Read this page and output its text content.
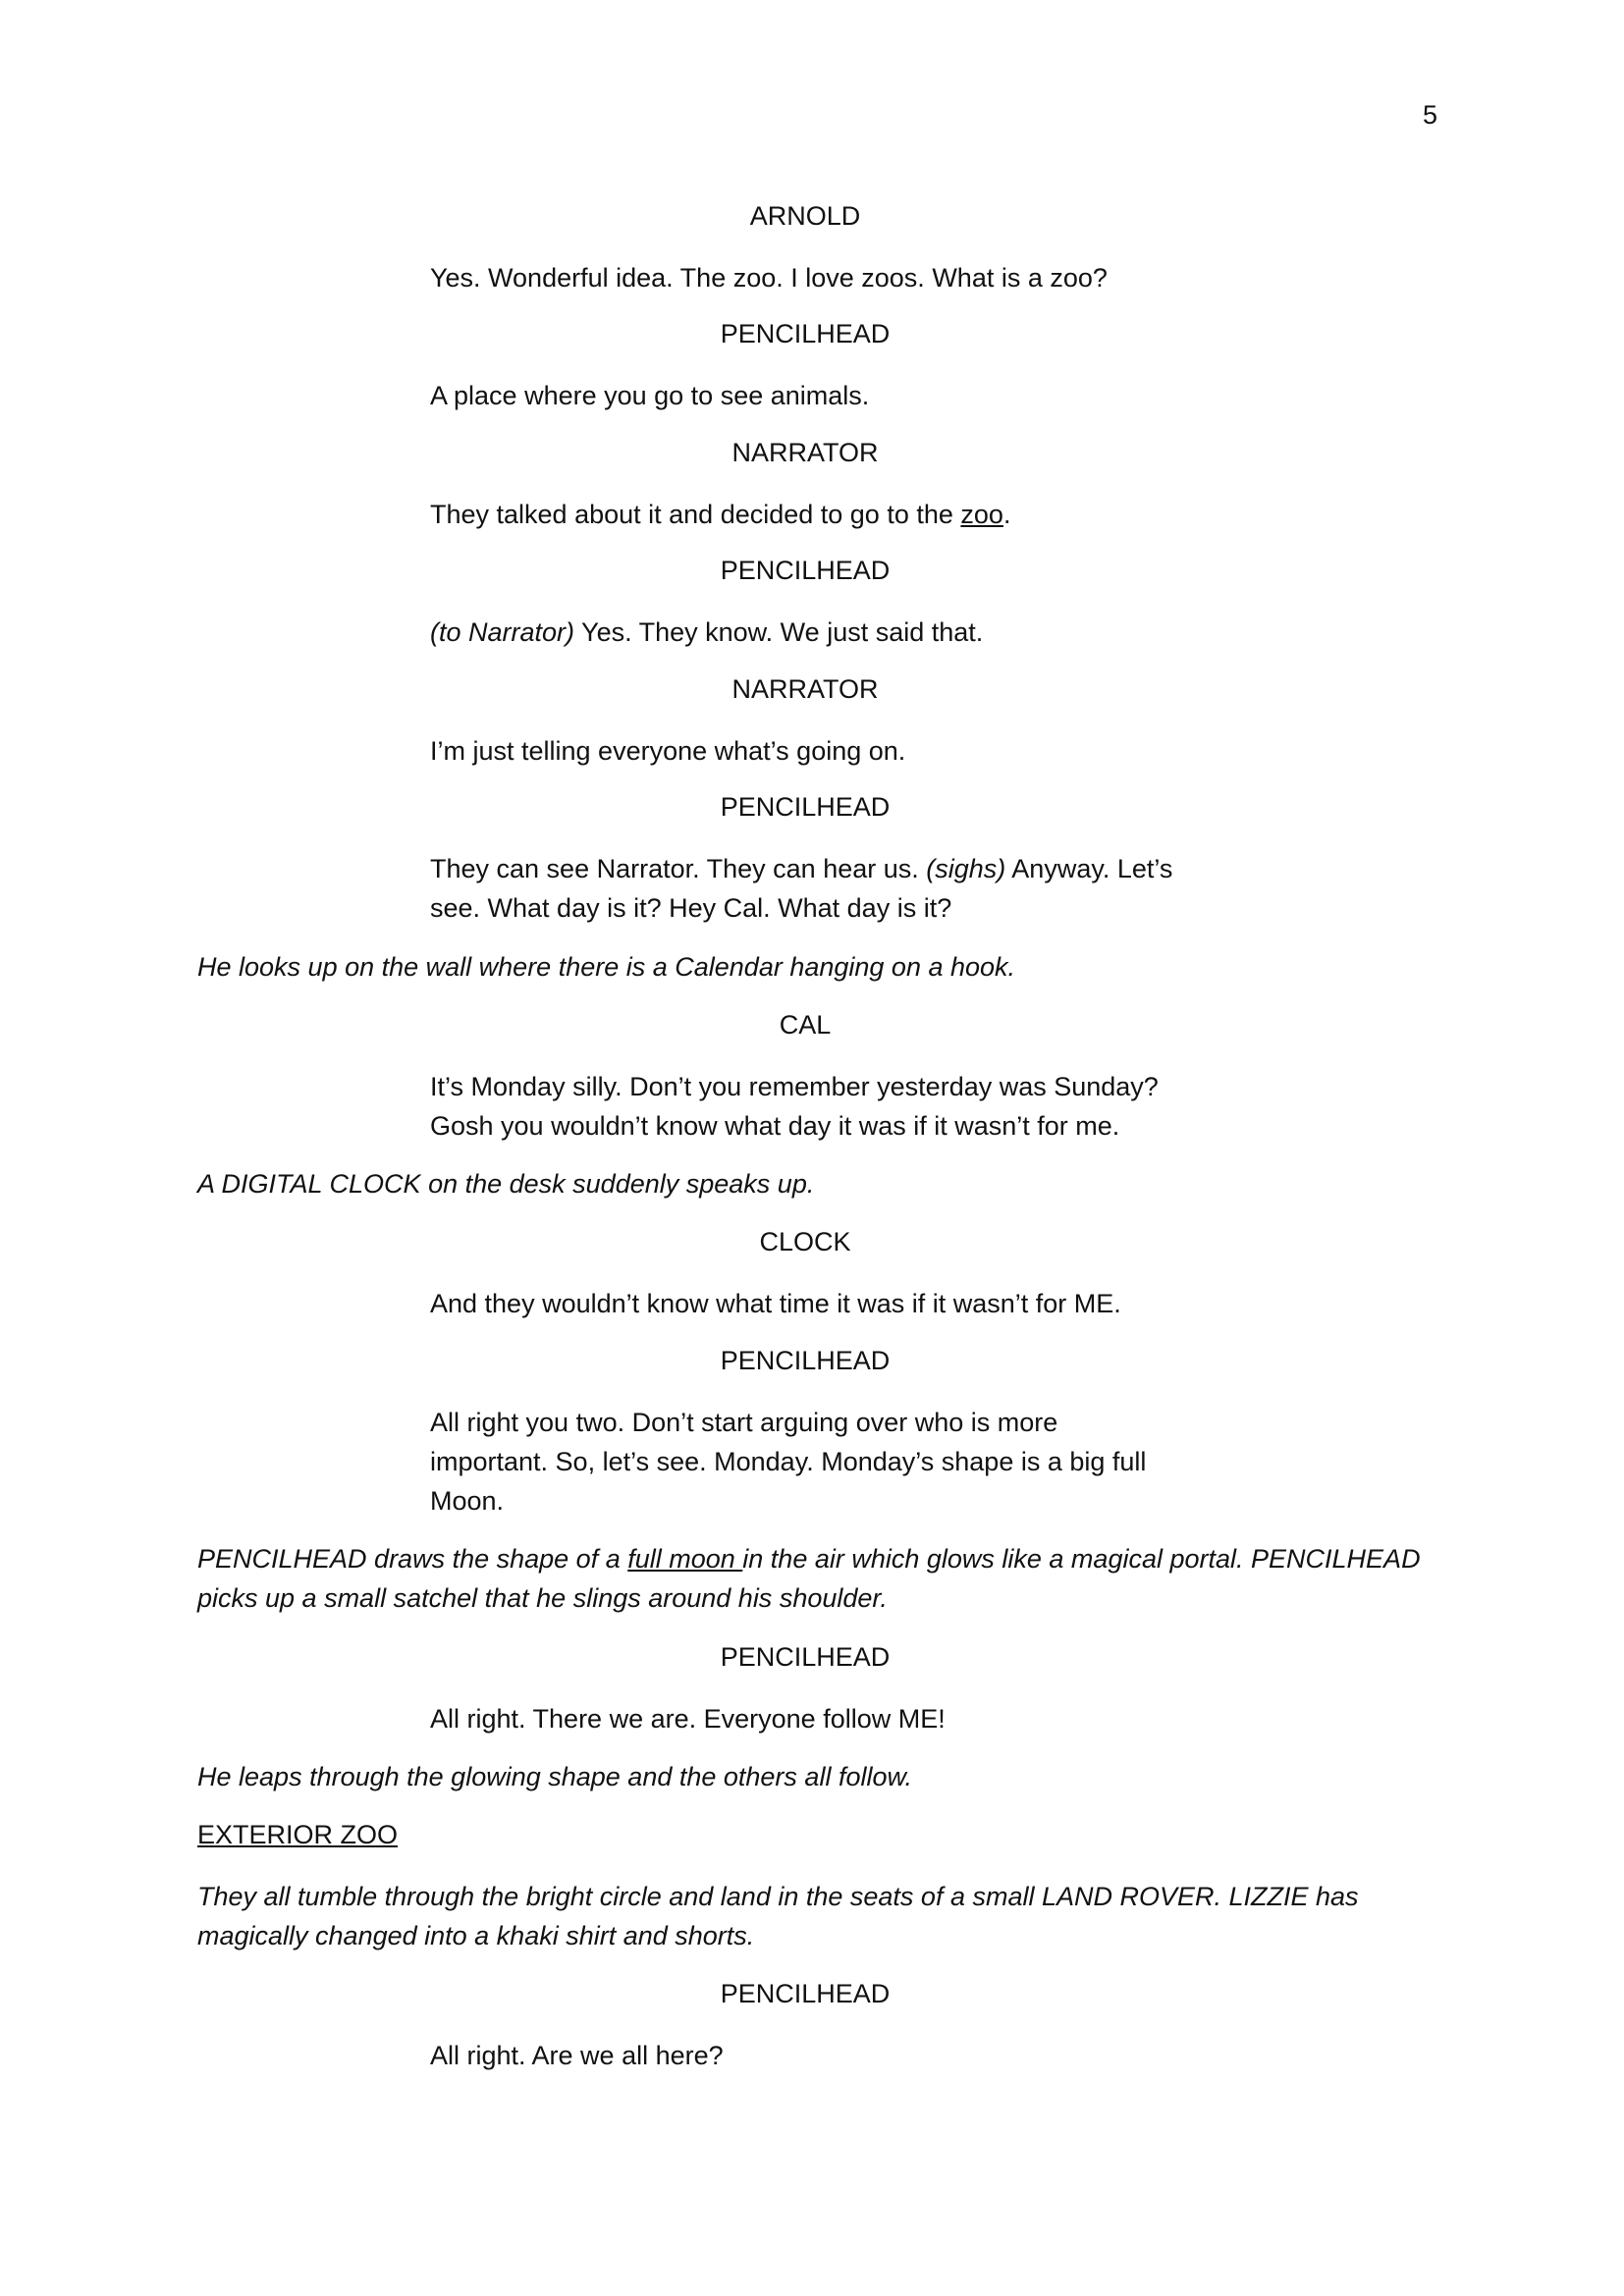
5
ARNOLD
Yes. Wonderful idea. The zoo. I love zoos. What is a zoo?
PENCILHEAD
A place where you go to see animals.
NARRATOR
They talked about it and decided to go to the zoo.
PENCILHEAD
(to Narrator) Yes. They know. We just said that.
NARRATOR
I’m just telling everyone what’s going on.
PENCILHEAD
They can see Narrator. They can hear us. (sighs) Anyway. Let’s
see. What day is it? Hey Cal. What day is it?
He looks up on the wall where there is a Calendar hanging on a hook.
CAL
It’s Monday silly. Don’t you remember yesterday was Sunday?
Gosh you wouldn’t know what day it was if it wasn’t for me.
A DIGITAL CLOCK on the desk suddenly speaks up.
CLOCK
And they wouldn’t know what time it was if it wasn’t for ME.
PENCILHEAD
All right you two. Don’t start arguing over who is more
important. So, let’s see. Monday. Monday’s shape is a big full
Moon.
PENCILHEAD draws the shape of a full moon in the air which glows like a magical portal. PENCILHEAD
picks up a small satchel that he slings around his shoulder.
PENCILHEAD
All right. There we are. Everyone follow ME!
He leaps through the glowing shape and the others all follow.
EXTERIOR ZOO
They all tumble through the bright circle and land in the seats of a small LAND ROVER. LIZZIE has
magically changed into a khaki shirt and shorts.
PENCILHEAD
All right. Are we all here?
